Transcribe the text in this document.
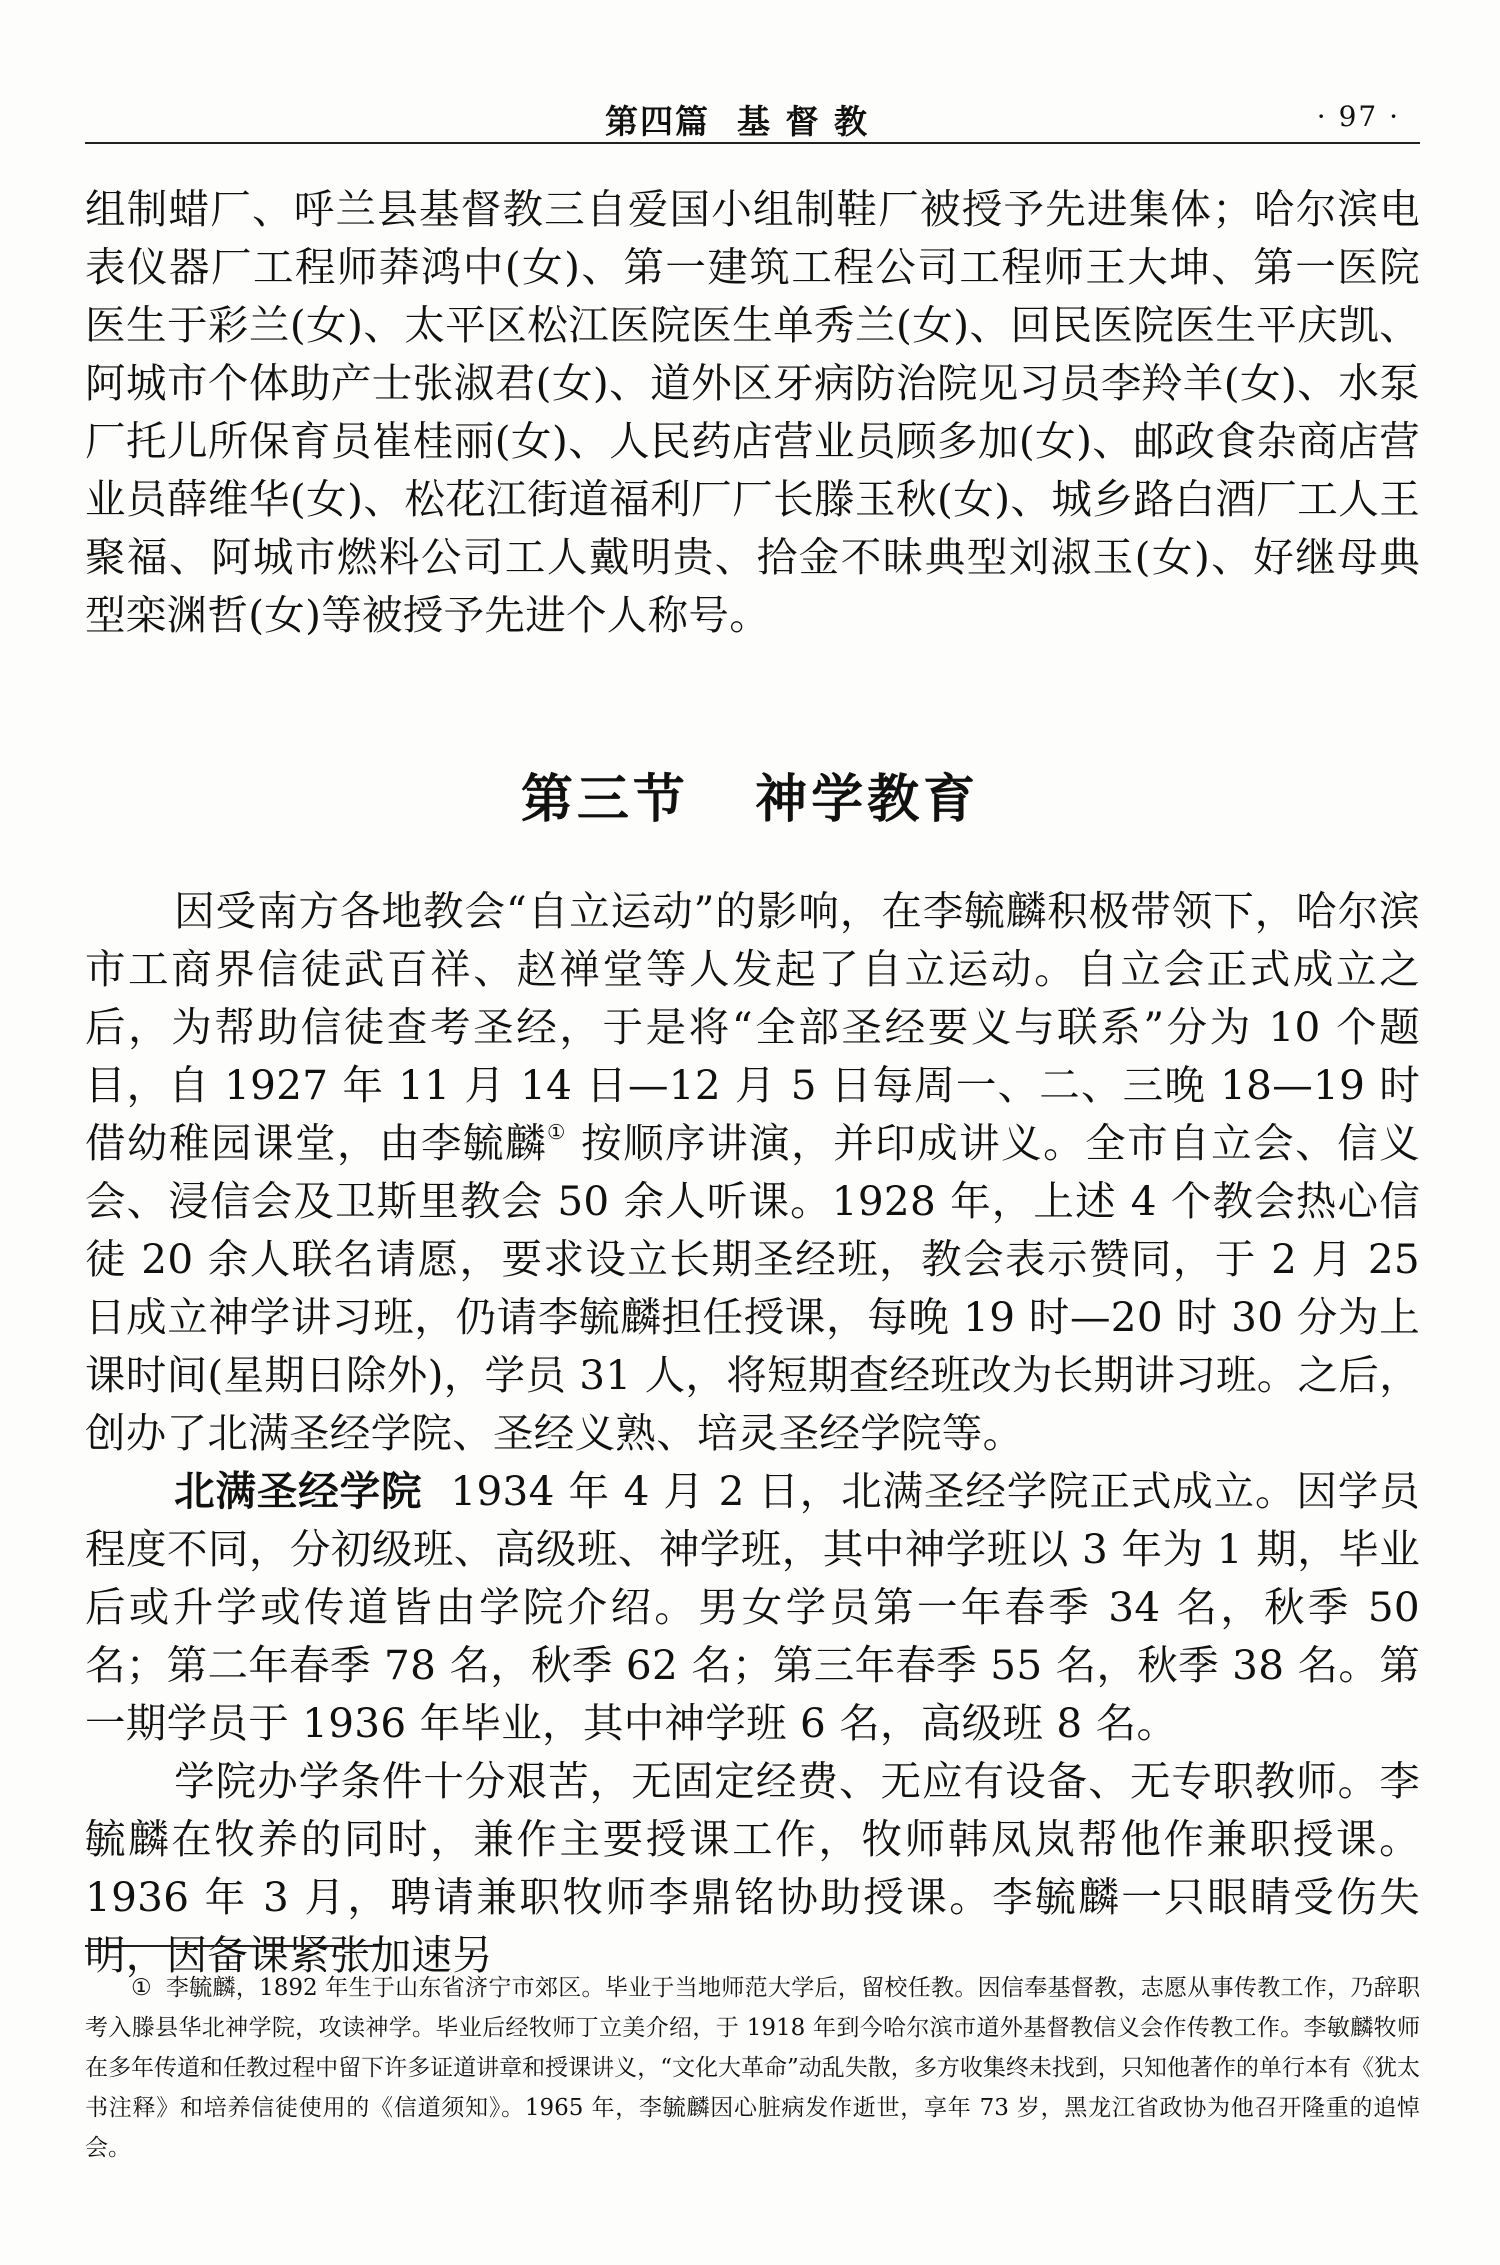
第四篇  基 督 教	· 97 ·

组制蜡厂、呼兰县基督教三自爱国小组制鞋厂被授予先进集体；哈尔滨电表仪器厂工程师莽鸿中(女)、第一建筑工程公司工程师王大坤、第一医院医生于彩兰(女)、太平区松江医院医生单秀兰(女)、回民医院医生平庆凯、阿城市个体助产士张淑君(女)、道外区牙病防治院见习员李羚羊(女)、水泵厂托儿所保育员崔桂丽(女)、人民药店营业员顾多加(女)、邮政食杂商店营业员薛维华(女)、松花江街道福利厂厂长滕玉秋(女)、城乡路白酒厂工人王聚福、阿城市燃料公司工人戴明贵、拾金不昧典型刘淑玉(女)、好继母典型栾渊哲(女)等被授予先进个人称号。

第三节   神学教育

因受南方各地教会“自立运动”的影响，在李毓麟积极带领下，哈尔滨市工商界信徒武百祥、赵禅堂等人发起了自立运动。自立会正式成立之后，为帮助信徒查考圣经，于是将“全部圣经要义与联系”分为 10 个题目，自 1927 年 11 月 14 日—12 月 5 日每周一、二、三晚 18—19 时借幼稚园课堂，由李毓麟① 按顺序讲演，并印成讲义。全市自立会、信义会、浸信会及卫斯里教会 50 余人听课。1928 年，上述 4 个教会热心信徒 20 余人联名请愿，要求设立长期圣经班，教会表示赞同，于 2 月 25 日成立神学讲习班，仍请李毓麟担任授课，每晚 19 时—20 时 30 分为上课时间(星期日除外)，学员 31 人，将短期查经班改为长期讲习班。之后，创办了北满圣经学院、圣经义熟、培灵圣经学院等。

北满圣经学院 1934 年 4 月 2 日，北满圣经学院正式成立。因学员程度不同，分初级班、高级班、神学班，其中神学班以 3 年为 1 期，毕业后或升学或传道皆由学院介绍。男女学员第一年春季 34 名，秋季 50 名；第二年春季 78 名，秋季 62 名；第三年春季 55 名，秋季 38 名。第一期学员于 1936 年毕业，其中神学班 6 名，高级班 8 名。

学院办学条件十分艰苦，无固定经费、无应有设备、无专职教师。李毓麟在牧养的同时，兼作主要授课工作，牧师韩凤岚帮他作兼职授课。1936 年 3 月，聘请兼职牧师李鼎铭协助授课。李毓麟一只眼睛受伤失明，因备课紧张加速另

① 李毓麟，1892 年生于山东省济宁市郊区。毕业于当地师范大学后，留校任教。因信奉基督教，志愿从事传教工作，乃辞职考入滕县华北神学院，攻读神学。毕业后经牧师丁立美介绍，于 1918 年到今哈尔滨市道外基督教信义会作传教工作。李敏麟牧师在多年传道和任教过程中留下许多证道讲章和授课讲义，“文化大革命”动乱失散，多方收集终未找到，只知他著作的单行本有《犹太书注释》和培养信徒使用的《信道须知》。1965 年，李毓麟因心脏病发作逝世，享年 73 岁，黑龙江省政协为他召开隆重的追悼会。
